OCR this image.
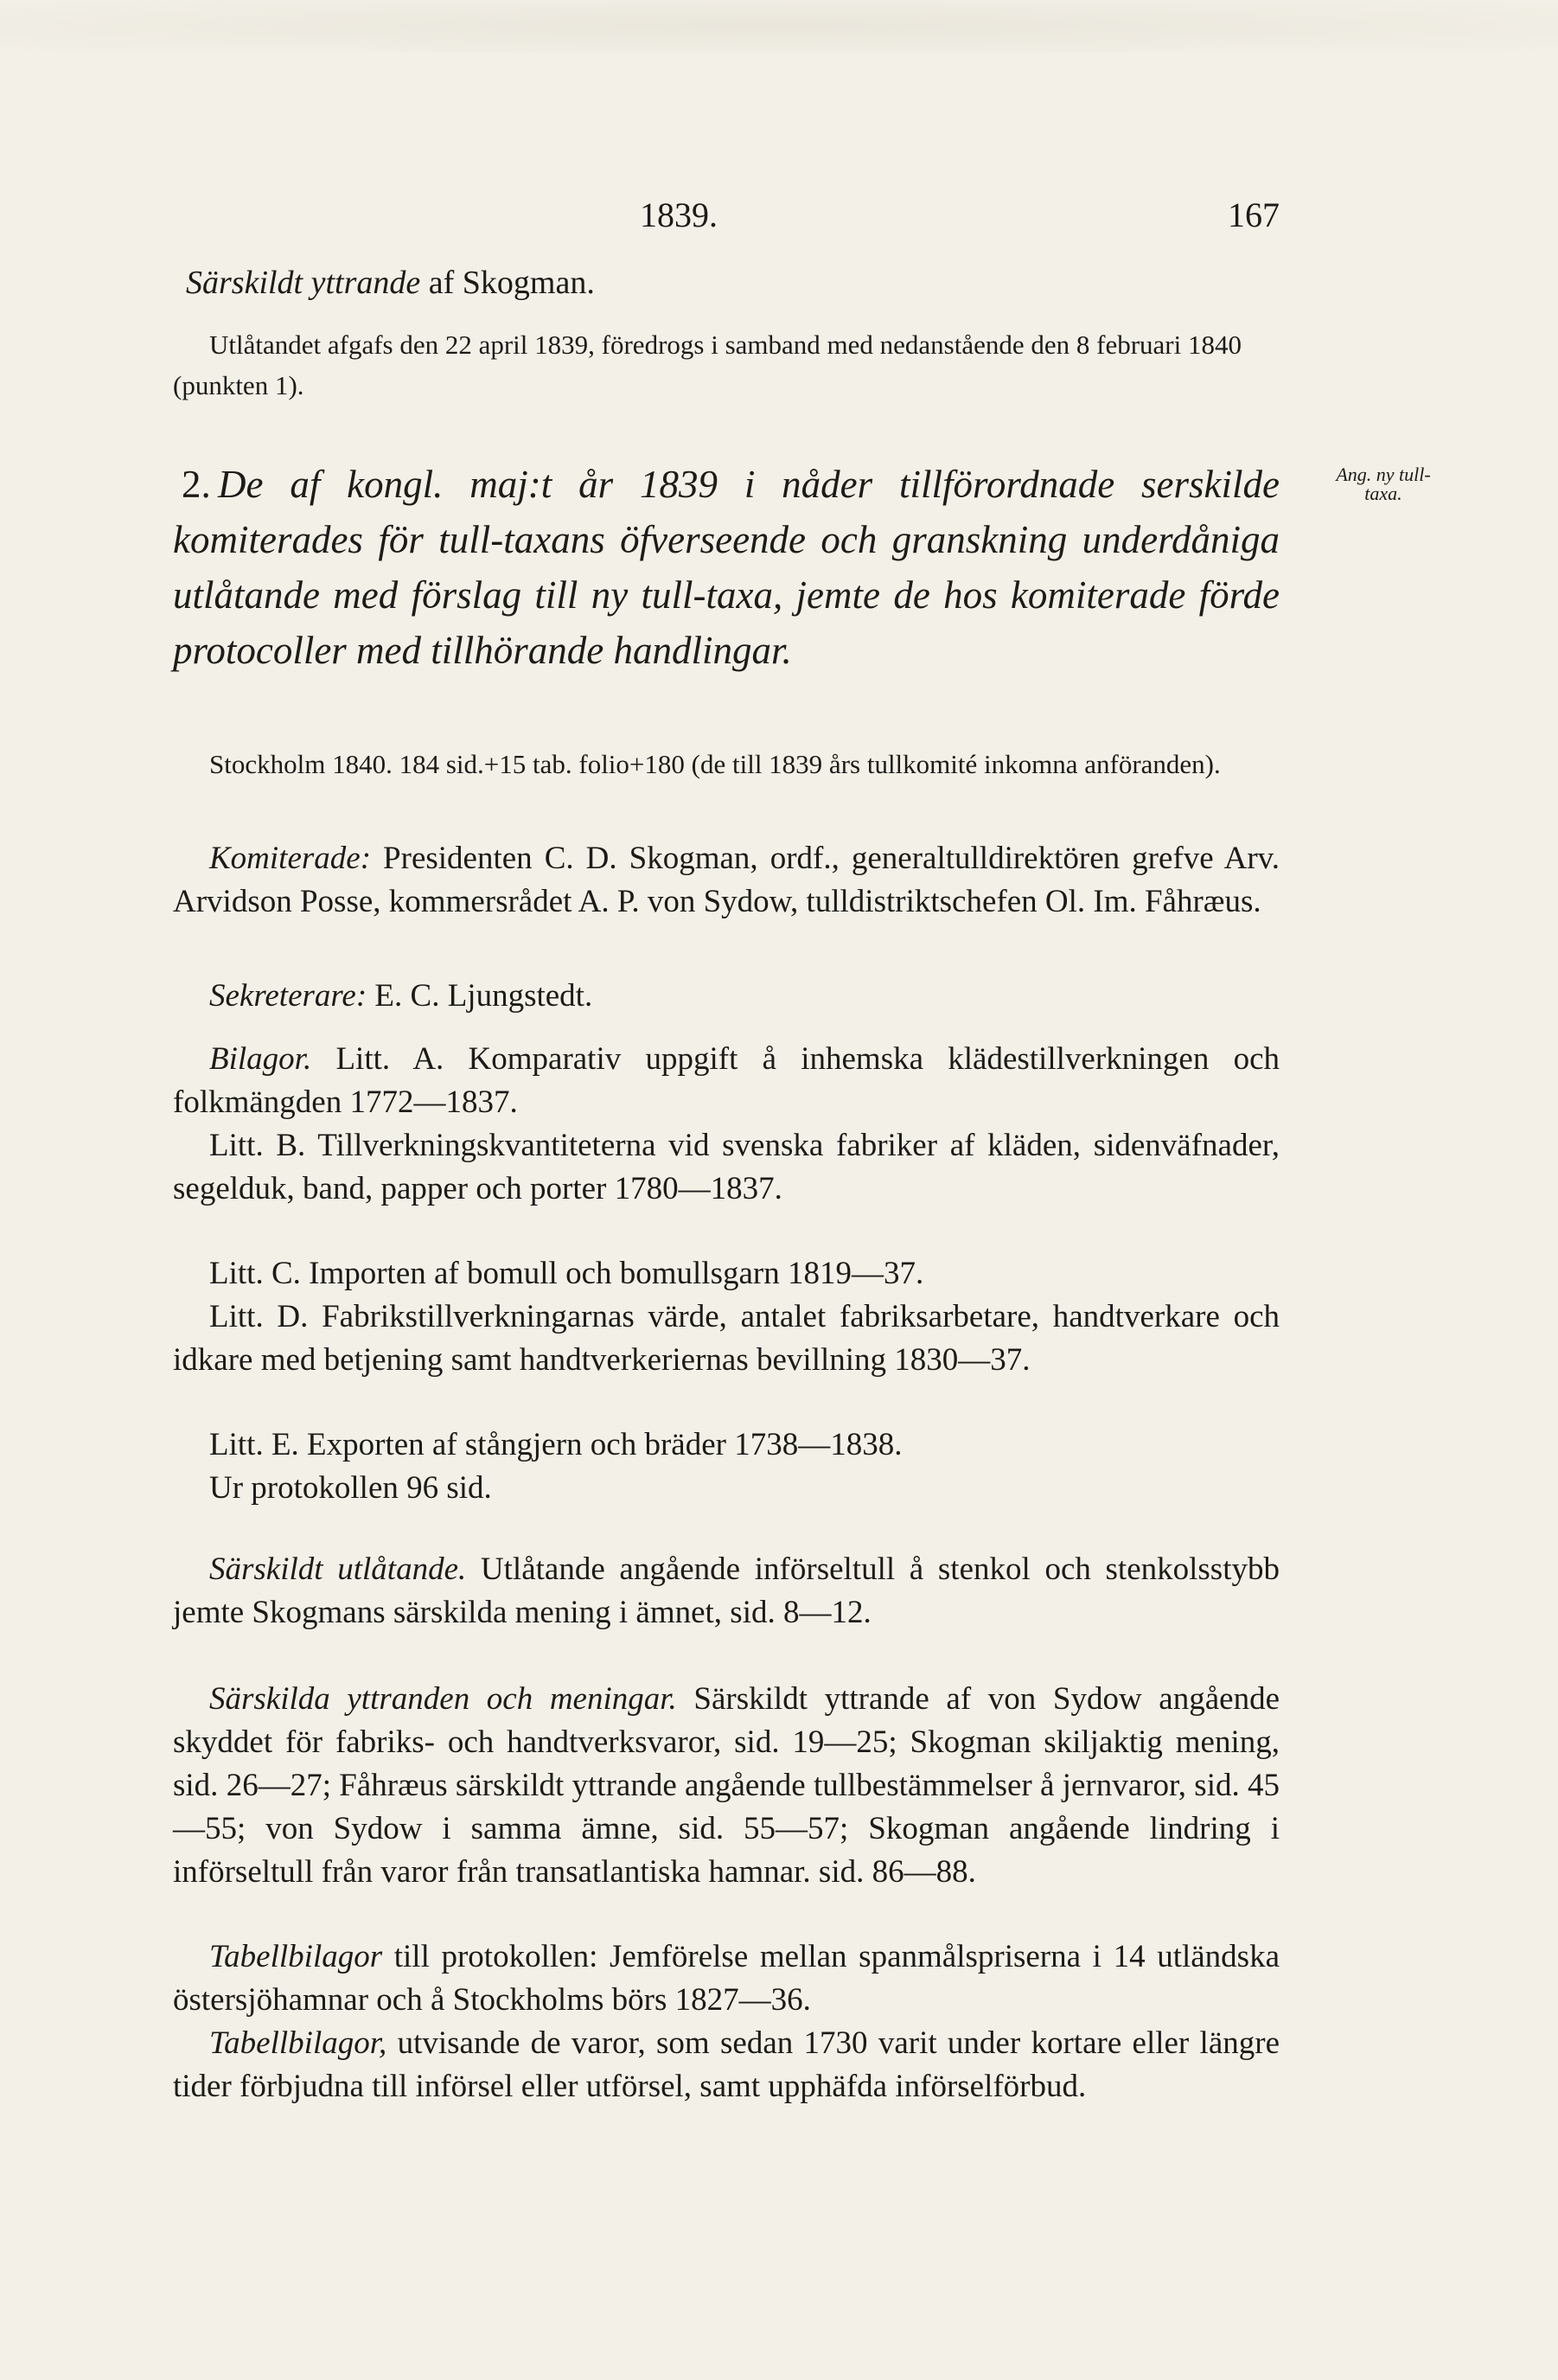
1839.	167
Särskildt yttrande af Skogman.

Utlåtandet afgafs den 22 april 1839, föredrogs i samband med nedanstående den 8 februari 1840 (punkten 1).

2. De af kongl. maj:t år 1839 i nåder tillförordnade serskilde komiterades för tull-taxans öfverseende och granskning underdåniga utlåtande med förslag till ny tull-taxa, jemte de hos komiterade förde protocoller med tillhörande handlingar.

Ang. ny tull-taxa.

Stockholm 1840. 184 sid.+15 tab. folio+180 (de till 1839 års tullkomité inkomna anföranden).

Komiterade: Presidenten C. D. Skogman, ordf., generaltulldirektören grefve Arv. Arvidson Posse, kommersrådet A. P. von Sydow, tulldistriktschefen Ol. Im. Fåhræus.

Sekreterare: E. C. Ljungstedt.

Bilagor. Litt. A. Komparativ uppgift å inhemska klädestillverkningen och folkmängden 1772—1837.

Litt. B. Tillverkningskvantiteterna vid svenska fabriker af kläden, sidenväfnader, segelduk, band, papper och porter 1780—1837.

Litt. C. Importen af bomull och bomullsgarn 1819—37.

Litt. D. Fabrikstillverkningarnas värde, antalet fabriksarbetare, handtverkare och idkare med betjening samt handtverkeriernas bevillning 1830—37.

Litt. E. Exporten af stångjern och bräder 1738—1838.

Ur protokollen 96 sid.

Särskildt utlåtande. Utlåtande angående införseltull å stenkol och stenkolsstybb jemte Skogmans särskilda mening i ämnet, sid. 8—12.

Särskilda yttranden och meningar. Särskildt yttrande af von Sydow angående skyddet för fabriks- och handtverksvaror, sid. 19—25; Skogman skiljaktig mening, sid. 26—27; Fåhræus särskildt yttrande angående tullbestämmelser å jernvaror, sid. 45—55; von Sydow i samma ämne, sid. 55—57; Skogman angående lindring i införseltull från varor från transatlantiska hamnar. sid. 86—88.

Tabellbilagor till protokollen: Jemförelse mellan spanmålspriserna i 14 utländska östersjöhamnar och å Stockholms börs 1827—36.

Tabellbilagor, utvisande de varor, som sedan 1730 varit under kortare eller längre tider förbjudna till införsel eller utförsel, samt upphäfda införselförbud.
